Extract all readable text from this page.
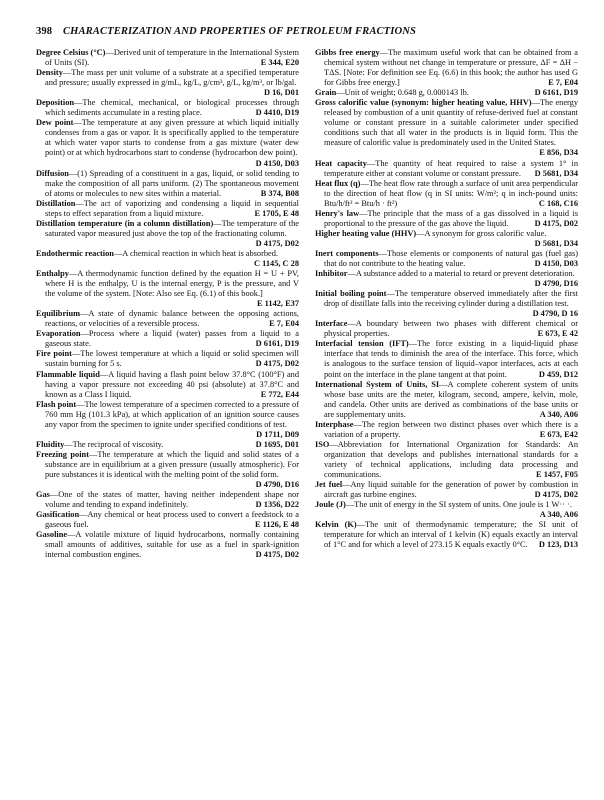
398 CHARACTERIZATION AND PROPERTIES OF PETROLEUM FRACTIONS
Degree Celsius (°C)—Derived unit of temperature in the International System of Units (SI).	E 344, E20
Density—The mass per unit volume of a substrate at a specified temperature and pressure; usually expressed in g/mL, kg/L, g/cm³, g/L, kg/m³, or lb/gal.
D 16, D01
Deposition—The chemical, mechanical, or biological processes through which sediments accumulate in a resting place.	D 4410, D19
Dew point—The temperature at any given pressure at which liquid initially condenses from a gas or vapor. It is specifically applied to the temperature at which water vapor starts to condense from a gas mixture (water dew point) or at which hydrocarbons start to condense (hydrocarbon dew point).
D 4150, D03
Diffusion—(1) Spreading of a constituent in a gas, liquid, or solid tending to make the composition of all parts uniform. (2) The spontaneous movement of atoms or molecules to new sites within a material.	B 374, B08
Distillation—The act of vaporizing and condensing a liquid in sequential steps to effect separation from a liquid mixture.	E 1705, E 48
Distillation temperature (in a column distillation)—The temperature of the saturated vapor measured just above the top of the fractionating column.
D 4175, D02
Endothermic reaction—A chemical reaction in which heat is absorbed.
C 1145, C 28
Enthalpy—A thermodynamic function defined by the equation H = U + PV, where H is the enthalpy, U is the internal energy, P is the pressure, and V the volume of the system. [Note: Also see Eq. (6.1) of this book.]
E 1142, E37
Equilibrium—A state of dynamic balance between the opposing actions, reactions, or velocities of a reversible process.	E 7, E04
Evaporation—Process where a liquid (water) passes from a liquid to a gaseous state.	D 6161, D19
Fire point—The lowest temperature at which a liquid or solid specimen will sustain burning for 5 s.	D 4175, D02
Flammable liquid—A liquid having a flash point below 37.8°C (100°F) and having a vapor pressure not exceeding 40 psi (absolute) at 37.8°C and known as a Class I liquid.	E 772, E44
Flash point—The lowest temperature of a specimen corrected to a pressure of 760 mm Hg (101.3 kPa), at which application of an ignition source causes any vapor from the specimen to ignite under specified conditions of test.
D 1711, D09
Fluidity—The reciprocal of viscosity.	D 1695, D01
Freezing point—The temperature at which the liquid and solid states of a substance are in equilibrium at a given pressure (usually atmospheric). For pure substances it is identical with the melting point of the solid form.
D 4790, D16
Gas—One of the states of matter, having neither independent shape nor volume and tending to expand indefinitely.	D 1356, D22
Gasification—Any chemical or heat process used to convert a feedstock to a gaseous fuel.	E 1126, E 48
Gasoline—A volatile mixture of liquid hydrocarbons, normally containing small amounts of additives, suitable for use as a fuel in spark-ignition internal combustion engines.	D 4175, D02
Gibbs free energy—The maximum useful work that can be obtained from a chemical system without net change in temperature or pressure, ΔF = ΔH − TΔS. [Note: For definition see Eq. (6.6) in this book; the author has used G for Gibbs free energy.]	E 7, E04
Grain—Unit of weight; 0.648 g, 0.000143 lb.	D 6161, D19
Gross calorific value (synonym: higher heating value, HHV)—The energy released by combustion of a unit quantity of refuse-derived fuel at constant volume or constant pressure in a suitable calorimeter under specified conditions such that all water in the products is in liquid form. This the measure of calorific value is predominately used in the United States.
E 856, D34
Heat capacity—The quantity of heat required to raise a system 1° in temperature either at constant volume or constant pressure. D 5681, D34
Heat flux (q)—The heat flow rate through a surface of unit area perpendicular to the direction of heat flow (q in SI units: W/m²; q in inch-pound units: Btu/h/ft² = Btu/h · ft²)	C 168, C16
Henry's law—The principle that the mass of a gas dissolved in a liquid is proportional to the pressure of the gas above the liquid.	D 4175, D02
Higher heating value (HHV)—A synonym for gross calorific value.
D 5681, D34
Inert components—Those elements or components of natural gas (fuel gas) that do not contribute to the heating value.	D 4150, D03
Inhibitor—A substance added to a material to retard or prevent deterioration.
D 4790, D16
Initial boiling point—The temperature observed immediately after the first drop of distillate falls into the receiving cylinder during a distillation test.
D 4790, D 16
Interface—A boundary between two phases with different chemical or physical properties.	E 673, E 42
Interfacial tension (IFT)—The force existing in a liquid-liquid phase interface that tends to diminish the area of the interface. This force, which is analogous to the surface tension of liquid–vapor interfaces, acts at each point on the interface in the plane tangent at that point.	D 459, D12
International System of Units, SI—A complete coherent system of units whose base units are the meter, kilogram, second, ampere, kelvin, mole, and candela. Other units are derived as combinations of the base units or are supplementary units.	A 340, A06
Interphase—The region between two distinct phases over which there is a variation of a property.	E 673, E42
ISO—Abbreviation for International Organization for Standards: An organization that develops and publishes international standards for a variety of technical applications, including data processing and communications.	E 1457, F05
Jet fuel—Any liquid suitable for the generation of power by combustion in aircraft gas turbine engines.	D 4175, D02
Joule (J)—The unit of energy in the SI system of units. One joule is 1 W·· ·.
A 340, A06
Kelvin (K)—The unit of thermodynamic temperature; the SI unit of temperature for which an interval of 1 kelvin (K) equals exactly an interval of 1°C and for which a level of 273.15 K equals exactly 0°C. D 123, D13
